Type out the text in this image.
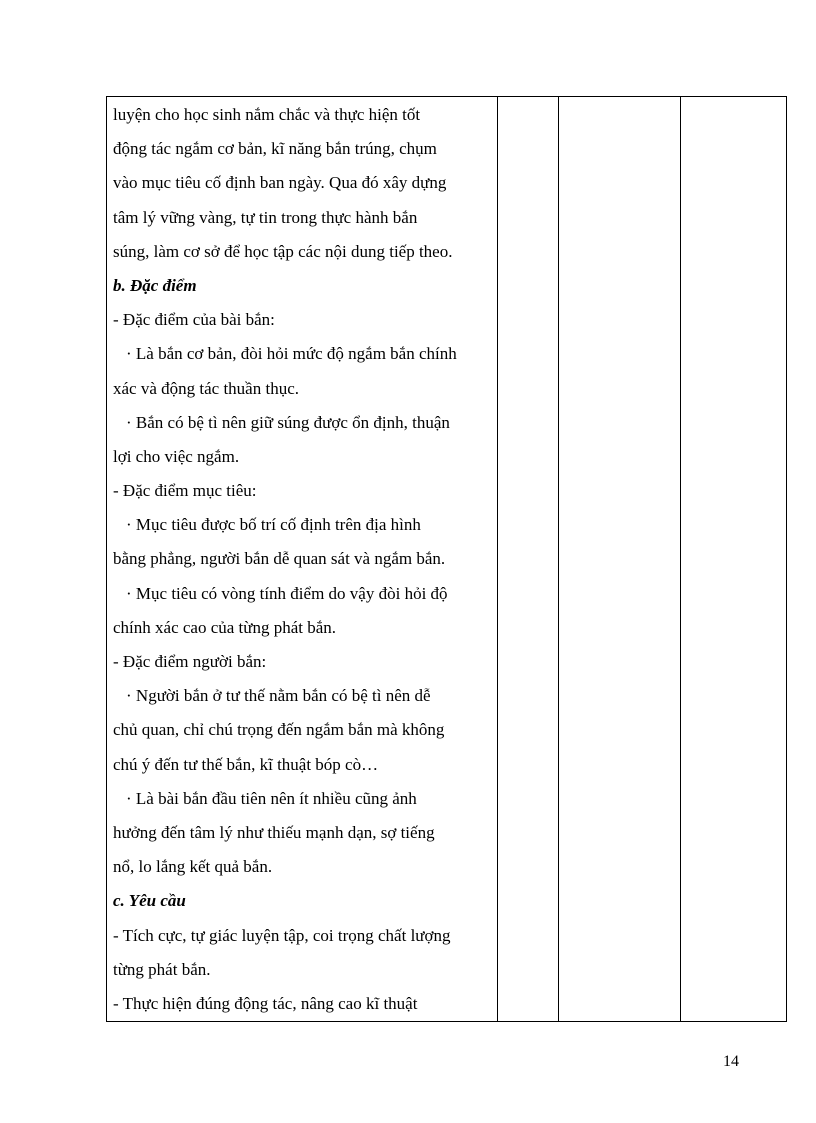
luyện cho học sinh nắm chắc và thực hiện tốt
động tác ngắm cơ bản, kĩ năng bắn trúng, chụm
vào mục tiêu cố định ban ngày. Qua đó xây dựng
tâm lý vững vàng, tự tin trong thực hành bắn
súng, làm cơ sở để học tập các nội dung tiếp theo.
b. Đặc điểm
- Đặc điểm của bài bắn:
· Là bắn cơ bản, đòi hỏi mức độ ngắm bắn chính
xác và động tác thuần thục.
· Bắn có bệ tì nên giữ súng được ổn định, thuận
lợi cho việc ngắm.
- Đặc điểm mục tiêu:
· Mục tiêu được bố trí cố định trên địa hình
bằng phẳng, người bắn dễ quan sát và ngắm bắn.
· Mục tiêu có vòng tính điểm do vậy đòi hỏi độ
chính xác cao của từng phát bắn.
- Đặc điểm người bắn:
· Người bắn ở tư thế nằm bắn có bệ tì nên dễ
chủ quan, chỉ chú trọng đến ngắm bắn mà không
chú ý đến tư thế bắn, kĩ thuật bóp cò…
· Là bài bắn đầu tiên nên ít nhiều cũng ảnh
hưởng đến tâm lý như thiếu mạnh dạn, sợ tiếng
nổ, lo lắng kết quả bắn.
c. Yêu cầu
- Tích cực, tự giác luyện tập, coi trọng chất lượng
từng phát bắn.
- Thực hiện đúng động tác, nâng cao kĩ thuật

14
